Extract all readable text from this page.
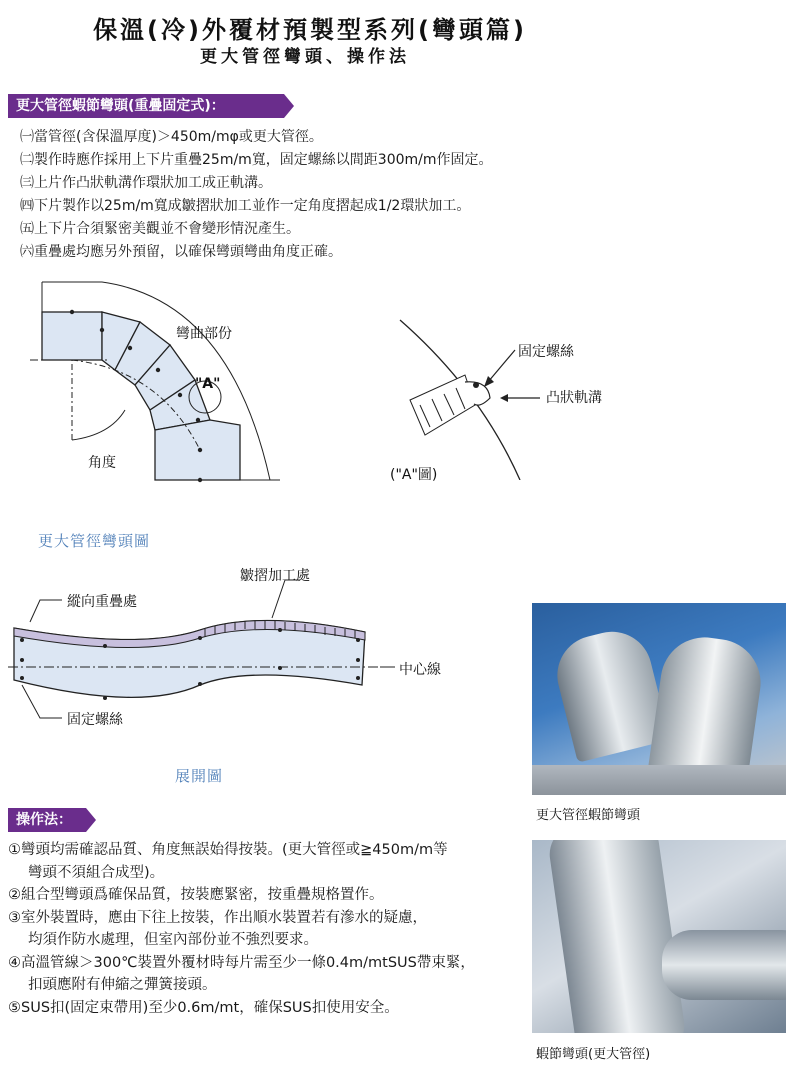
保溫(冷)外覆材預製型系列(彎頭篇)
更大管徑彎頭、操作法
更大管徑蝦節彎頭(重疊固定式)：
㈠當管徑(含保溫厚度)＞450m/mφ或更大管徑。
㈡製作時應作採用上下片重疊25m/m寬，固定螺絲以間距300m/m作固定。
㈢上片作凸狀軌溝作環狀加工成正軌溝。
㈣下片製作以25m/m寬成皺摺狀加工並作一定角度摺起成1/2環狀加工。
㈤上下片合須緊密美觀並不會變形情況產生。
㈥重疊處均應另外預留，以確保彎頭彎曲角度正確。
彎曲部份
"A"
角度
更大管徑彎頭圖
固定螺絲
凸狀軌溝
("A"圖)
皺摺加工處
縱向重疊處
中心線
固定螺絲
展開圖
更大管徑蝦節彎頭
蝦節彎頭(更大管徑)
操作法：
①彎頭均需確認品質、角度無誤始得按裝。(更大管徑或≧450m/m等
彎頭不須組合成型)。
②組合型彎頭爲確保品質，按裝應緊密，按重疊規格置作。
③室外裝置時，應由下往上按裝，作出順水裝置若有滲水的疑慮，
均須作防水處理，但室內部份並不強烈要求。
④高溫管線＞300℃裝置外覆材時每片需至少一條0.4m/mtSUS帶束緊，
扣頭應附有伸縮之彈簧接頭。
⑤SUS扣(固定束帶用)至少0.6m/mt，確保SUS扣使用安全。
